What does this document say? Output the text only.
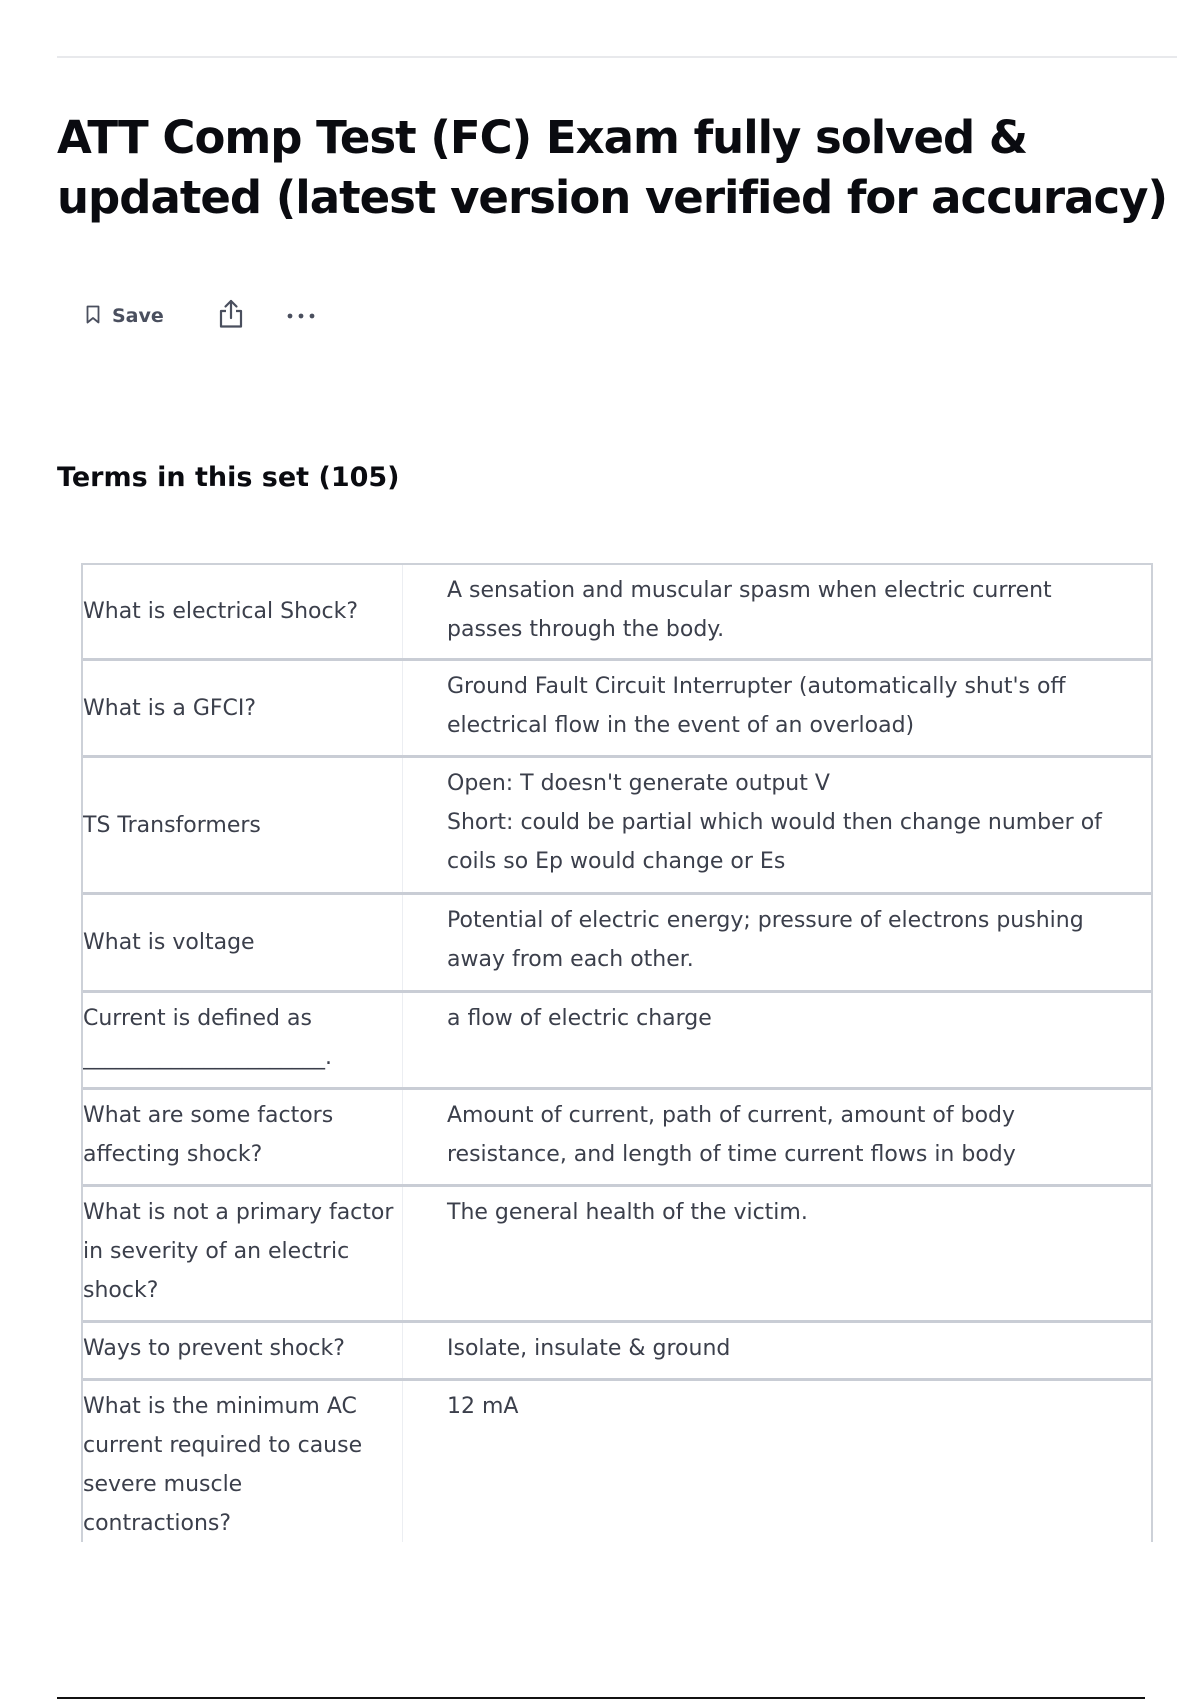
ATT Comp Test (FC) Exam fully solved & updated (latest version verified for accuracy)
Save
Terms in this set (105)
What is electrical Shock?
A sensation and muscular spasm when electric current passes through the body.
What is a GFCI?
Ground Fault Circuit Interrupter (automatically shut's off electrical flow in the event of an overload)
TS Transformers
Open: T doesn't generate output V
Short: could be partial which would then change number of coils so Ep would change or Es
What is voltage
Potential of electric energy; pressure of electrons pushing away from each other.
Current is defined as
______________________.
a flow of electric charge
What are some factors affecting shock?
Amount of current, path of current, amount of body resistance, and length of time current flows in body
What is not a primary factor in severity of an electric shock?
The general health of the victim.
Ways to prevent shock?	Isolate, insulate & ground
What is the minimum AC current required to cause severe muscle contractions?
12 mA
